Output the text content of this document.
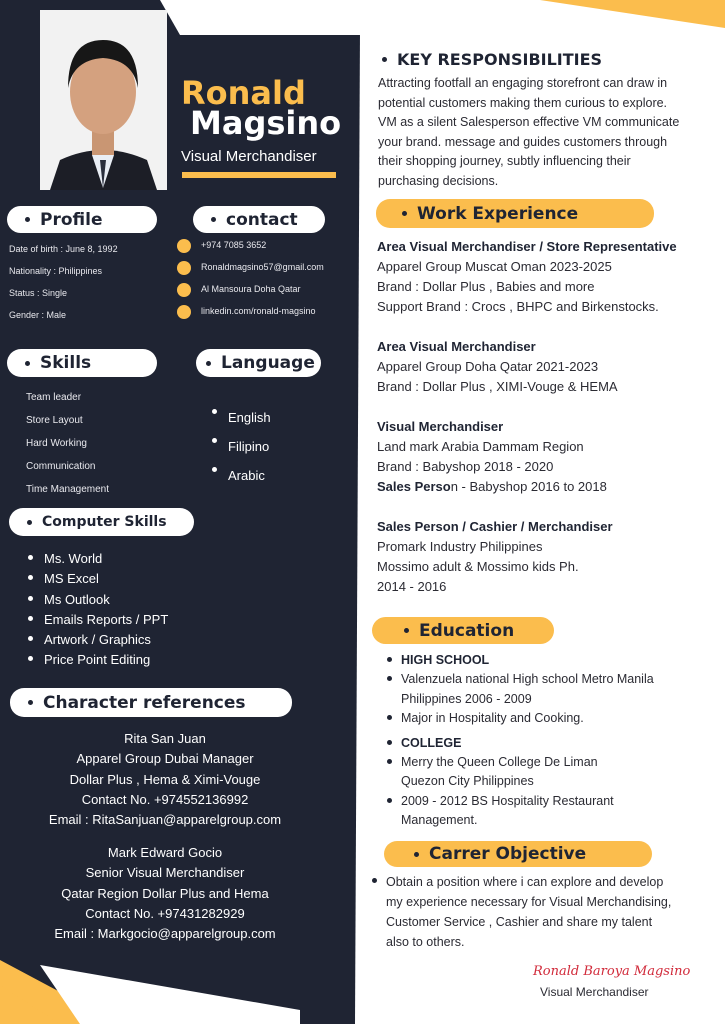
Ronald
Magsino
Visual Merchandiser
Profile
Date of birth : June 8, 1992
Nationality : Philippines
Status : Single
Gender : Male
contact
+974 7085 3652
Ronaldmagsino57@gmail.com
Al Mansoura Doha Qatar
linkedin.com/ronald-magsino
Skills
Team leader
Store Layout
Hard Working
Communication
Time Management
Language
English
Filipino
Arabic
Computer Skills
Ms. World
MS Excel
Ms Outlook
Emails Reports / PPT
Artwork / Graphics
Price Point Editing
Character references
Rita San Juan
Apparel Group Dubai Manager
Dollar Plus , Hema & Ximi-Vouge
Contact No. +974552136992
Email : RitaSanjuan@apparelgroup.com
Mark Edward Gocio
Senior Visual Merchandiser
Qatar Region Dollar Plus and Hema
Contact No. +97431282929
Email : Markgocio@apparelgroup.com
KEY RESPONSIBILITIES
Attracting footfall an engaging storefront can draw in
potential customers making them curious to explore.
VM as a silent Salesperson effective VM communicate
your brand. message and guides customers through
their shopping journey, subtly influencing their
purchasing decisions.
Work Experience
Area Visual Merchandiser / Store Representative
Apparel Group Muscat Oman 2023-2025
Brand : Dollar Plus , Babies and more
Support Brand : Crocs , BHPC and Birkenstocks.
Area Visual Merchandiser
Apparel Group Doha Qatar 2021-2023
Brand : Dollar Plus , XIMI-Vouge & HEMA
Visual Merchandiser
Land mark Arabia Dammam Region
Brand : Babyshop 2018 - 2020
Sales Person - Babyshop 2016 to 2018
Sales Person / Cashier / Merchandiser
Promark Industry Philippines
Mossimo adult & Mossimo kids Ph.
2014 - 2016
Education
HIGH SCHOOL
Valenzuela national High school Metro Manila
Philippines 2006 - 2009
Major in Hospitality and Cooking.
COLLEGE
Merry the Queen College De Liman
Quezon City Philippines
2009 - 2012 BS Hospitality Restaurant
Management.
Carrer Objective
Obtain a position where i can explore and develop
my experience necessary for Visual Merchandising,
Customer Service , Cashier and share my talent
also to others.
Ronald Baroya Magsino
Visual Merchandiser
